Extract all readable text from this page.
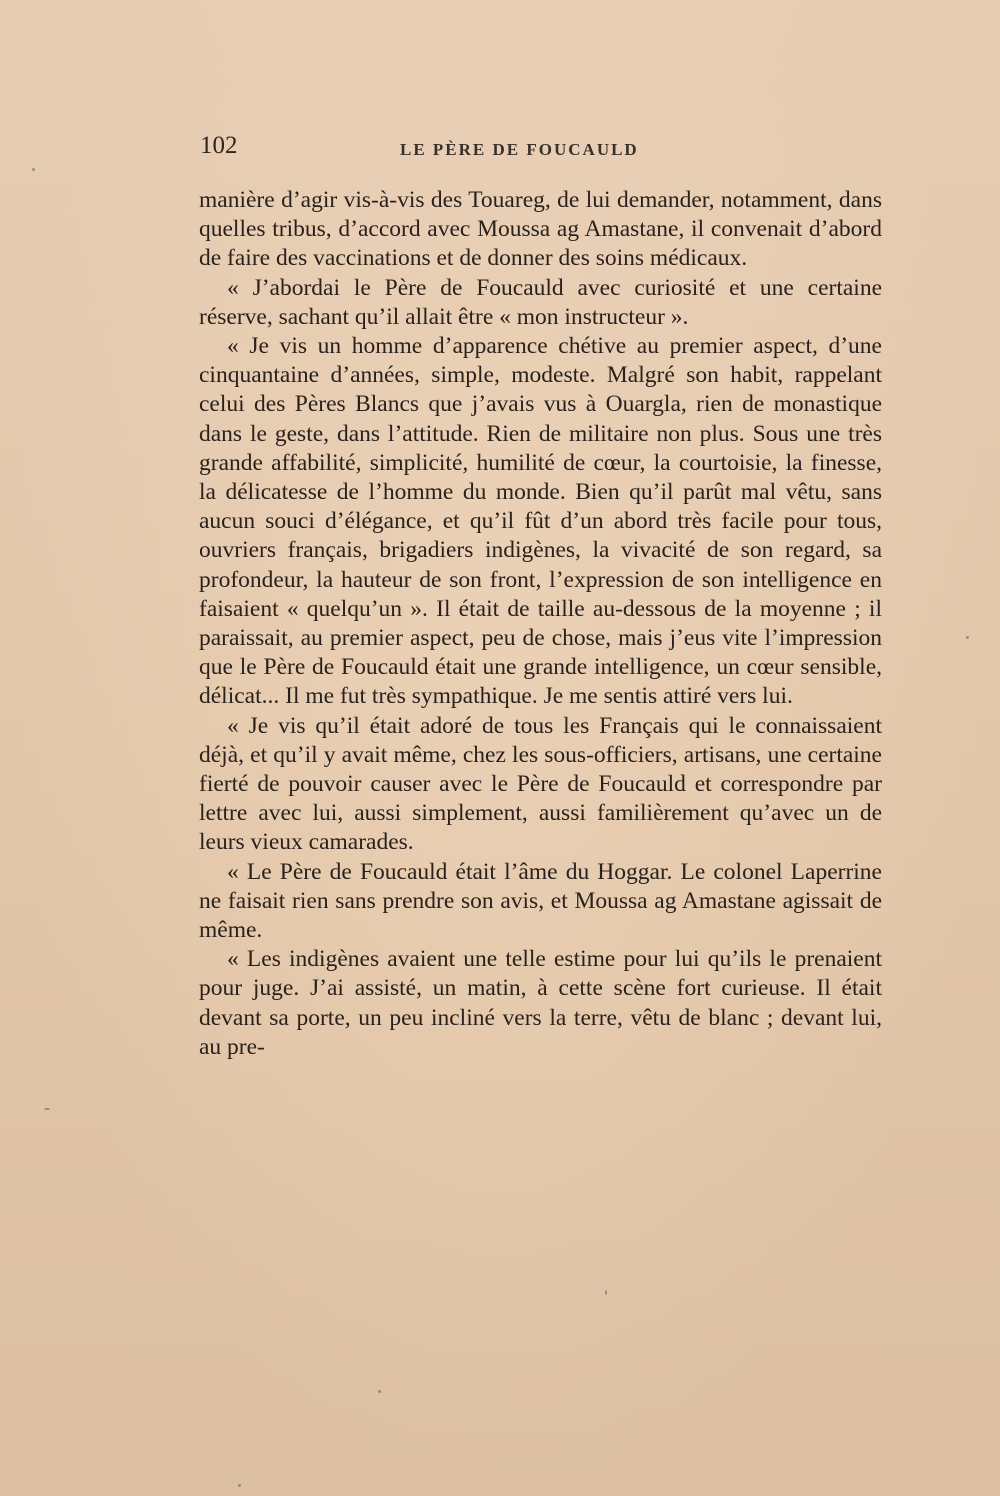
102	LE PÈRE DE FOUCAULD

manière d’agir vis-à-vis des Touareg, de lui demander, notamment, dans quelles tribus, d’accord avec Moussa ag Amastane, il convenait d’abord de faire des vaccinations et de donner des soins médicaux.

« J’abordai le Père de Foucauld avec curiosité et une certaine réserve, sachant qu’il allait être « mon instructeur ».

« Je vis un homme d’apparence chétive au premier aspect, d’une cinquantaine d’années, simple, modeste. Malgré son habit, rappelant celui des Pères Blancs que j’avais vus à Ouargla, rien de monastique dans le geste, dans l’attitude. Rien de militaire non plus. Sous une très grande affabilité, simplicité, humilité de cœur, la courtoisie, la finesse, la délicatesse de l’homme du monde. Bien qu’il parût mal vêtu, sans aucun souci d’élégance, et qu’il fût d’un abord très facile pour tous, ouvriers français, brigadiers indigènes, la vivacité de son regard, sa profondeur, la hauteur de son front, l’expression de son intelligence en faisaient « quelqu’un ». Il était de taille au-dessous de la moyenne ; il paraissait, au premier aspect, peu de chose, mais j’eus vite l’impression que le Père de Foucauld était une grande intelligence, un cœur sensible, délicat... Il me fut très sympathique. Je me sentis attiré vers lui.

« Je vis qu’il était adoré de tous les Français qui le connaissaient déjà, et qu’il y avait même, chez les sous-officiers, artisans, une certaine fierté de pouvoir causer avec le Père de Foucauld et correspondre par lettre avec lui, aussi simplement, aussi familièrement qu’avec un de leurs vieux camarades.

« Le Père de Foucauld était l’âme du Hoggar. Le colonel Laperrine ne faisait rien sans prendre son avis, et Moussa ag Amastane agissait de même.

« Les indigènes avaient une telle estime pour lui qu’ils le prenaient pour juge. J’ai assisté, un matin, à cette scène fort curieuse. Il était devant sa porte, un peu incliné vers la terre, vêtu de blanc ; devant lui, au pre-
